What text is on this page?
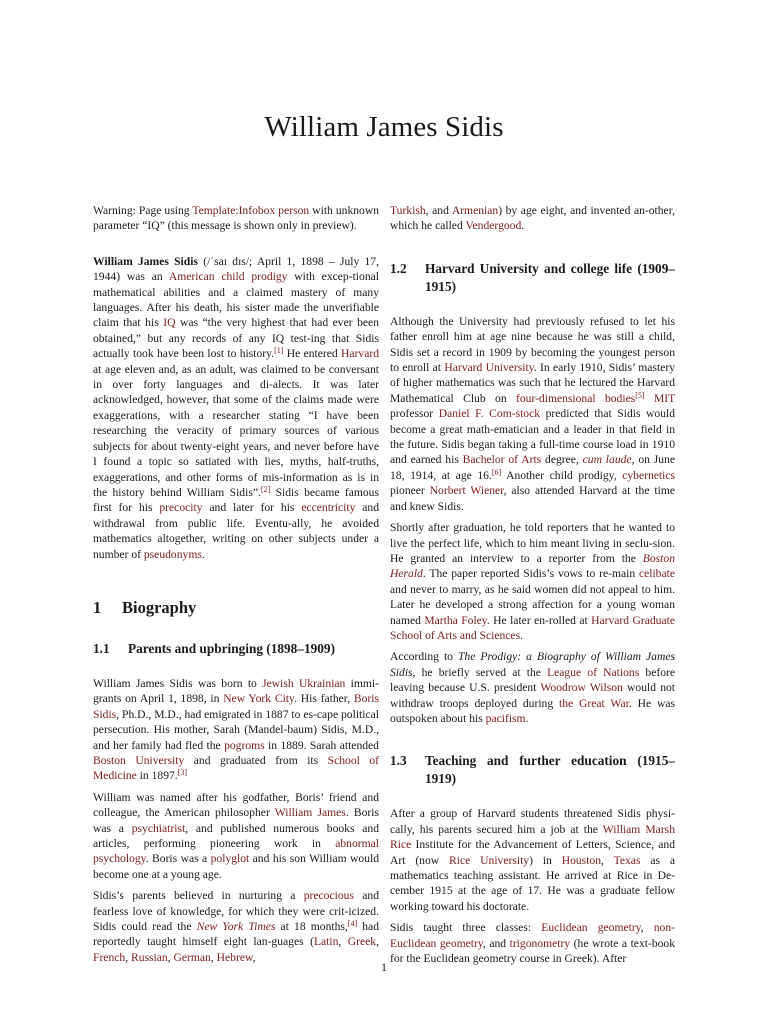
William James Sidis

Warning: Page using Template:Infobox person with unknown parameter “IQ” (this message is shown only in preview).

William James Sidis (/ˈsaɪ dɪs/; April 1, 1898 – July 17, 1944) was an American child prodigy with excep-tional mathematical abilities and a claimed mastery of many languages. After his death, his sister made the unverifiable claim that his IQ was “the very highest that had ever been obtained,” but any records of any IQ test-ing that Sidis actually took have been lost to history.[1] He entered Harvard at age eleven and, as an adult, was claimed to be conversant in over forty languages and di-alects. It was later acknowledged, however, that some of the claims made were exaggerations, with a researcher stating “I have been researching the veracity of primary sources of various subjects for about twenty-eight years, and never before have I found a topic so satiated with lies, myths, half-truths, exaggerations, and other forms of mis-information as is in the history behind William Sidis”.[2] Sidis became famous first for his precocity and later for his eccentricity and withdrawal from public life. Eventu-ally, he avoided mathematics altogether, writing on other subjects under a number of pseudonyms.

1	Biography
1.1	Parents and upbringing (1898–1909)

William James Sidis was born to Jewish Ukrainian immi-grants on April 1, 1898, in New York City. His father, Boris Sidis, Ph.D., M.D., had emigrated in 1887 to es-cape political persecution. His mother, Sarah (Mandel-baum) Sidis, M.D., and her family had fled the pogroms in 1889. Sarah attended Boston University and graduated from its School of Medicine in 1897.[3]

William was named after his godfather, Boris’ friend and colleague, the American philosopher William James. Boris was a psychiatrist, and published numerous books and articles, performing pioneering work in abnormal psychology. Boris was a polyglot and his son William would become one at a young age.

Sidis’s parents believed in nurturing a precocious and fearless love of knowledge, for which they were crit-icized. Sidis could read the New York Times at 18 months,[4] had reportedly taught himself eight lan-guages (Latin, Greek, French, Russian, German, Hebrew,

Turkish, and Armenian) by age eight, and invented an-other, which he called Vendergood.

1.2	Harvard University and college life (1909–1915)

Although the University had previously refused to let his father enroll him at age nine because he was still a child, Sidis set a record in 1909 by becoming the youngest person to enroll at Harvard University. In early 1910, Sidis’ mastery of higher mathematics was such that he lectured the Harvard Mathematical Club on four-dimensional bodies[5] MIT professor Daniel F. Com-stock predicted that Sidis would become a great math-ematician and a leader in that field in the future. Sidis began taking a full-time course load in 1910 and earned his Bachelor of Arts degree, cum laude, on June 18, 1914, at age 16.[6] Another child prodigy, cybernetics pioneer Norbert Wiener, also attended Harvard at the time and knew Sidis.

Shortly after graduation, he told reporters that he wanted to live the perfect life, which to him meant living in seclu-sion. He granted an interview to a reporter from the Boston Herald. The paper reported Sidis’s vows to re-main celibate and never to marry, as he said women did not appeal to him. Later he developed a strong affection for a young woman named Martha Foley. He later en-rolled at Harvard Graduate School of Arts and Sciences.

According to The Prodigy: a Biography of William James Sidis, he briefly served at the League of Nations before leaving because U.S. president Woodrow Wilson would not withdraw troops deployed during the Great War. He was outspoken about his pacifism.

1.3	Teaching and further education (1915–1919)

After a group of Harvard students threatened Sidis physi-cally, his parents secured him a job at the William Marsh Rice Institute for the Advancement of Letters, Science, and Art (now Rice University) in Houston, Texas as a mathematics teaching assistant. He arrived at Rice in De-cember 1915 at the age of 17. He was a graduate fellow working toward his doctorate.

Sidis taught three classes: Euclidean geometry, non-Euclidean geometry, and trigonometry (he wrote a text-book for the Euclidean geometry course in Greek). After

1
